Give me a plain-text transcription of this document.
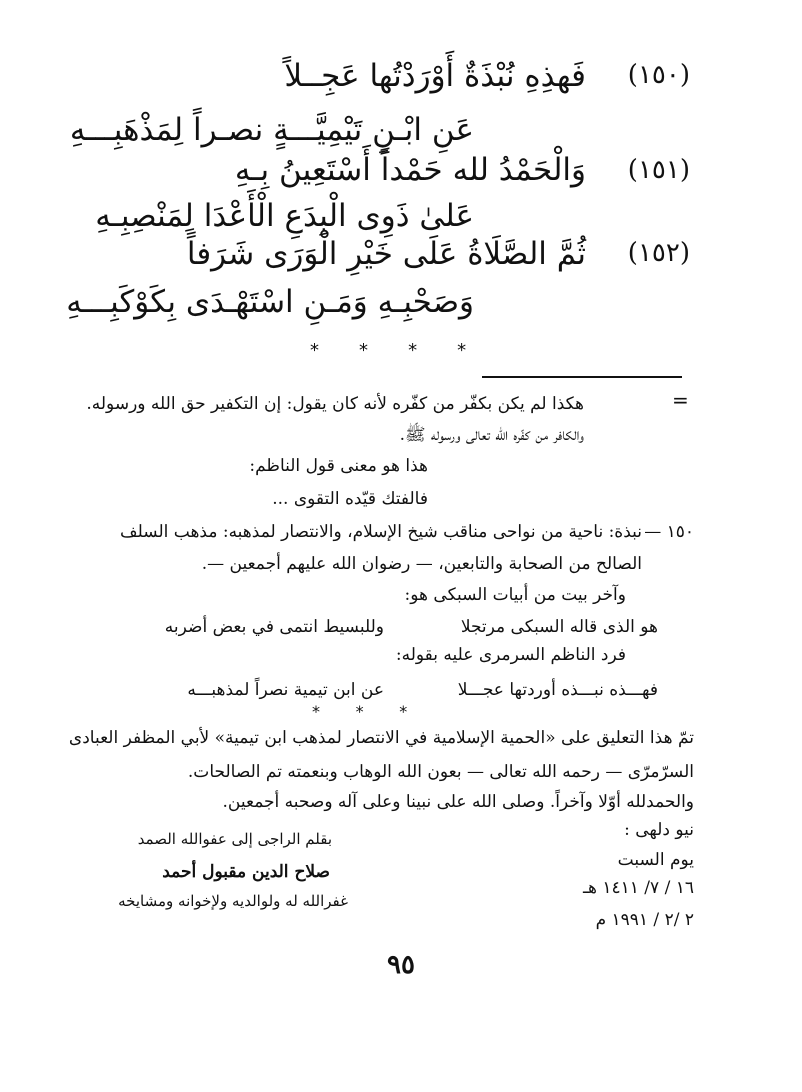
(١٥٠)
فَهذِهِ نُبْذَةٌ أَوْرَدْتُها عَجِــلاً
عَنِ ابْـنِ تَيْمِيَّـــةٍ نصـراً لِمَذْهَبِـــهِ
(١٥١)
وَالْحَمْدُ لله حَمْداً أَسْتَعِينُ بِـهِ
عَلىٰ ذَوِى الْبِدَعِ الْأَعْدَا لِمَنْصِبِـهِ
(١٥٢)
ثُمَّ الصَّلَاةُ عَلَى خَيْرِ الْوَرَى شَرَفاً
وَصَحْبِـهِ وَمَـنِ اسْتَهْـدَى بِكَوْكَبِـــهِ
*       *       *       *
=
هكذا لم يكن بكفّر من كفّره لأنه كان يقول: إن التكفير حق الله ورسوله.
والكافر من كفّره الله تعالى ورسوله ﷺ.
هذا هو معنى قول الناظم:
فالفتك قيّده التقوى ...
١٥٠ —
نبذة: ناحية من نواحى مناقب شيخ الإسلام، والانتصار لمذهبه: مذهب السلف
الصالح من الصحابة والتابعين، — رضوان الله عليهم أجمعين —.
وآخر بيت من أبيات السبكى هو:
هو الذى قاله السبكى مرتجلا
وللبسيط انتمى في بعض أضربه
فرد الناظم السرمرى عليه بقوله:
فهـــذه نبـــذه أوردتها عجـــلا
عن ابن تيمية نصراً لمذهبـــه
*       *       *
تمّ هذا التعليق على «الحمية الإسلامية في الانتصار لمذهب ابن تيمية» لأبي المظفر العبادى
السرّمرّى — رحمه الله تعالى — بعون الله الوهاب وبنعمته تم الصالحات.
والحمدلله أوّلا وآخراً. وصلى الله على نبينا وعلى آله وصحبه أجمعين.
نيو دلهى :
يوم السبت
١٦ / ٧/ ١٤١١ هـ
٢ /٢ / ١٩٩١ م
بقلم الراجى إلى عفوالله الصمد
صلاح الدين مقبول أحمد
غفرالله له ولوالديه ولإخوانه ومشايخه
٩٥
